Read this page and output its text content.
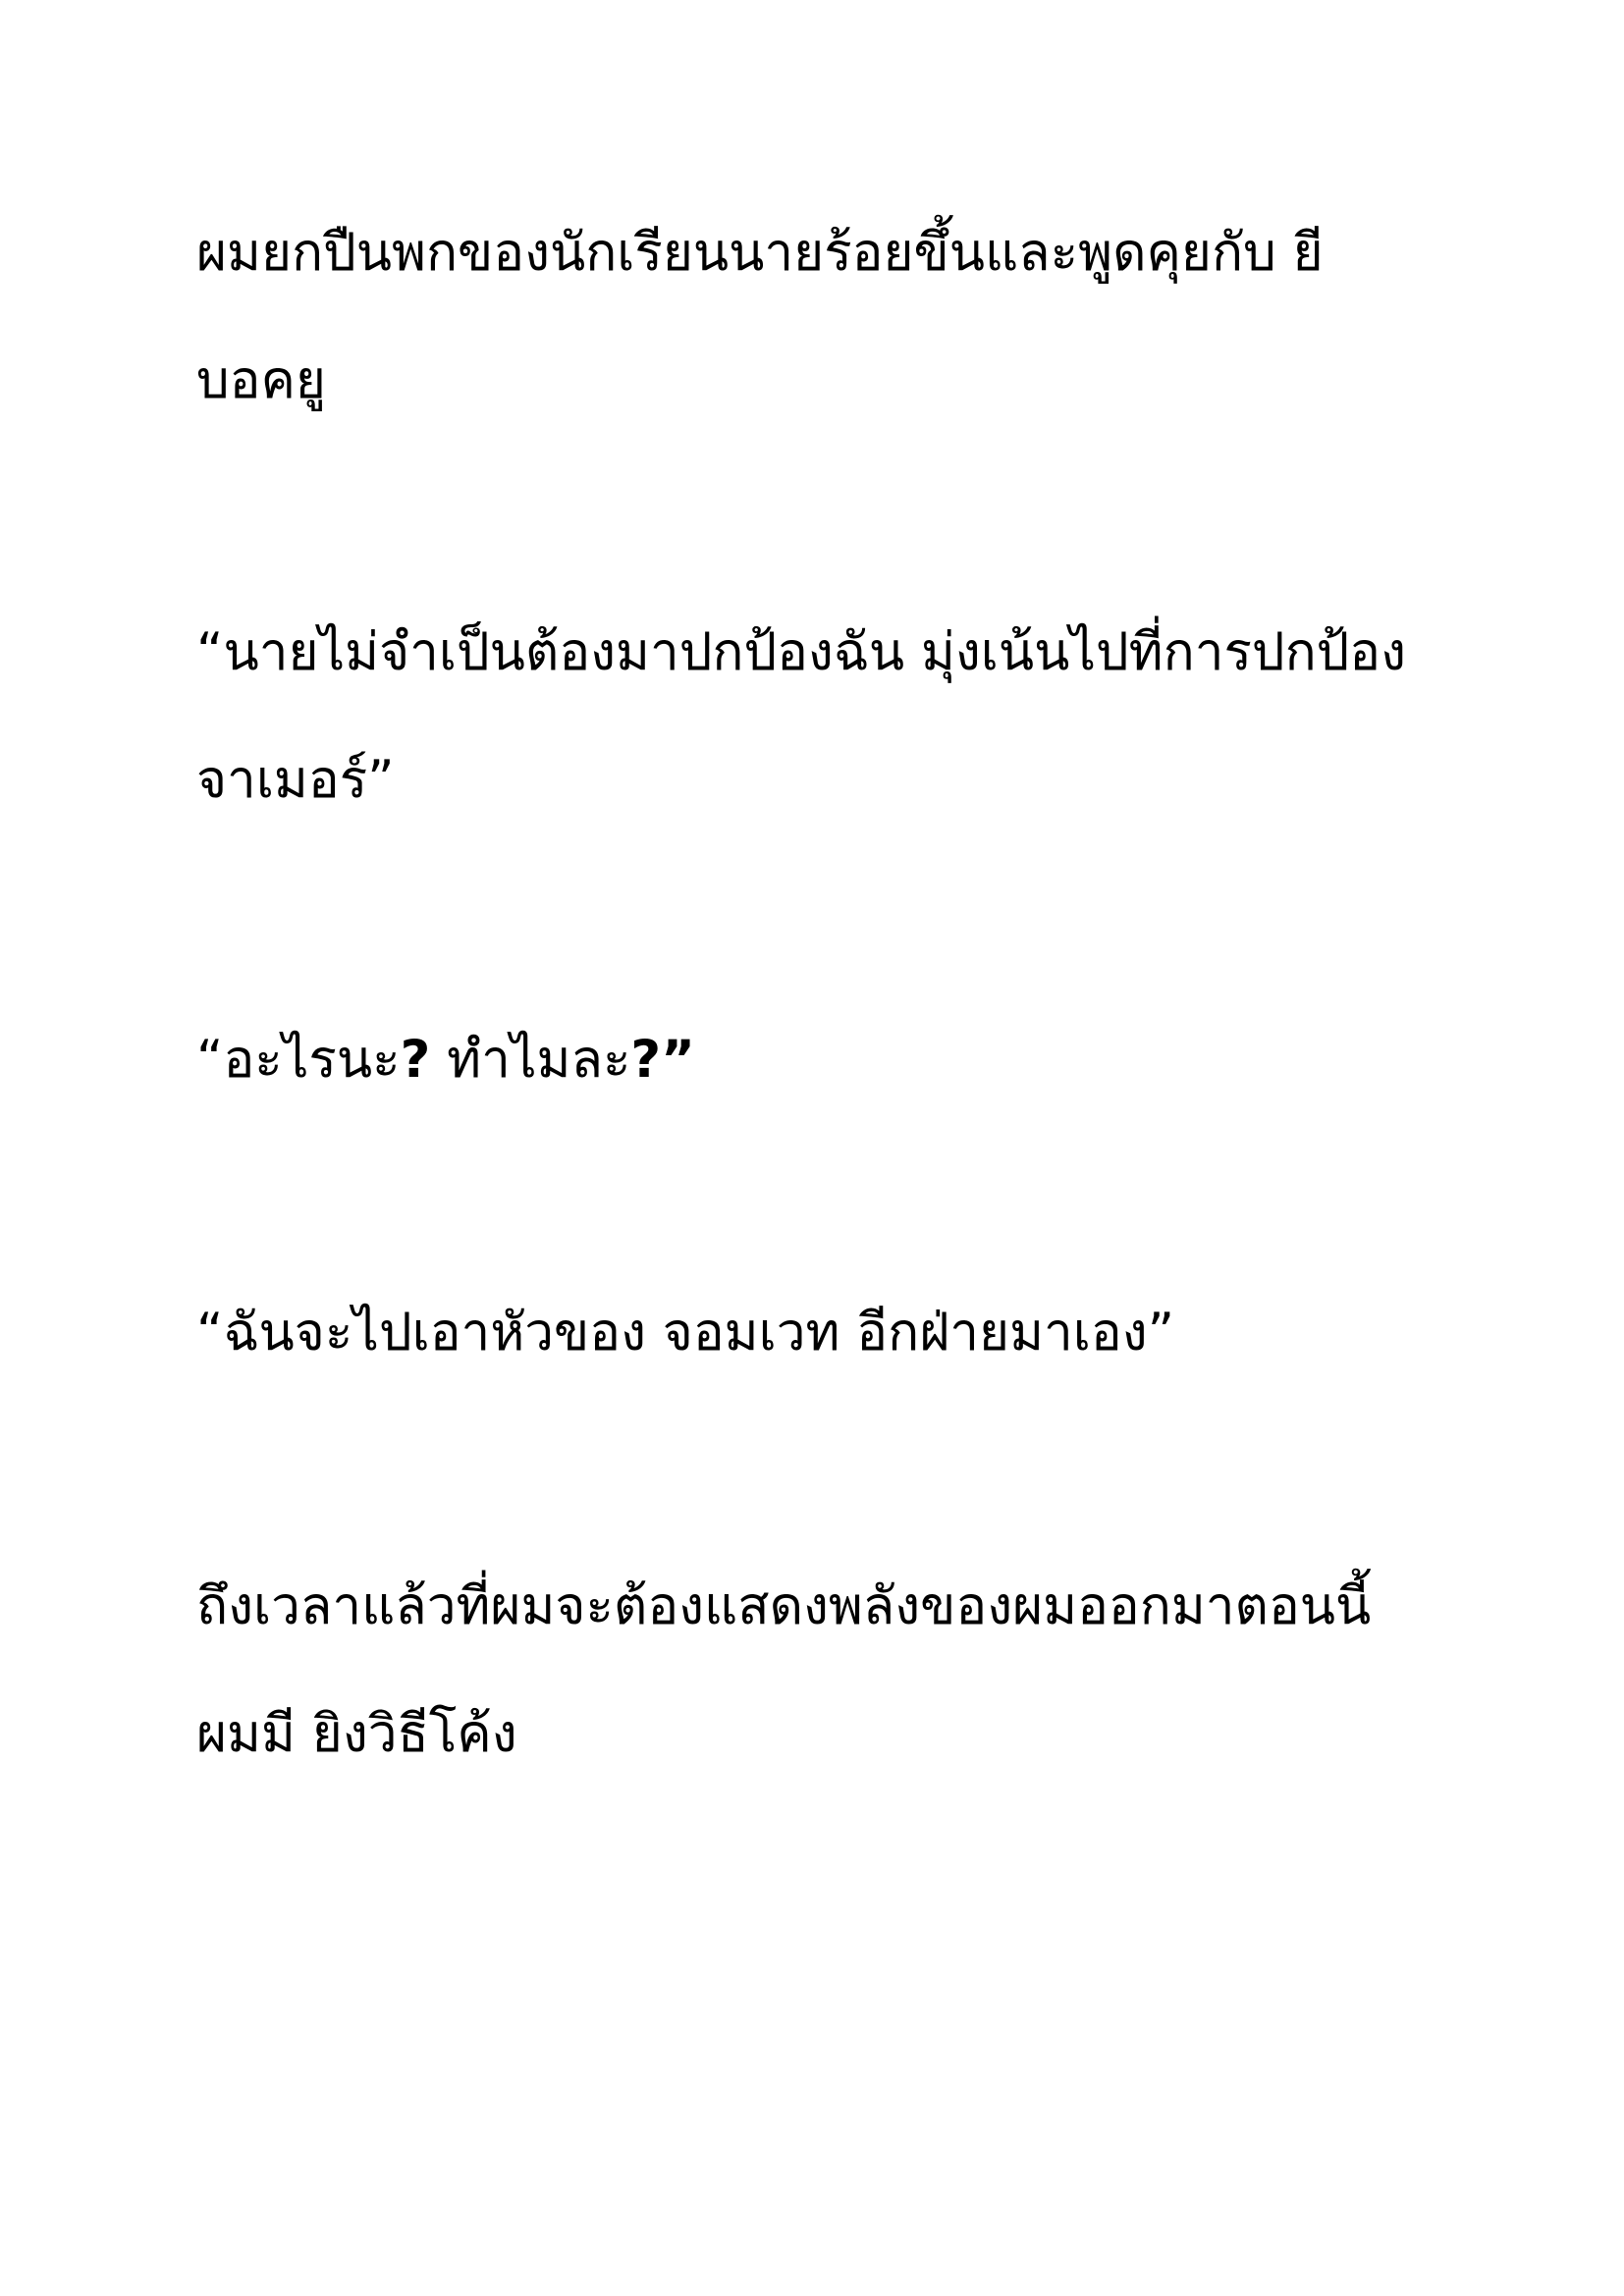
ผมยกปืนพกของนักเรียนนายร้อยขึ้นและพูดคุยกับ ยี

บอคยู

“นายไม่จำเป็นต้องมาปกป้องฉัน มุ่งเน้นไปที่การปกป้อง

จาเมอร์”

“อะไรนะ? ทำไมละ?”

“ฉันจะไปเอาหัวของ จอมเวท อีกฝ่ายมาเอง”

ถึงเวลาแล้วที่ผมจะต้องแสดงพลังของผมออกมาตอนนี้

ผมมี ยิงวิธีโค้ง
